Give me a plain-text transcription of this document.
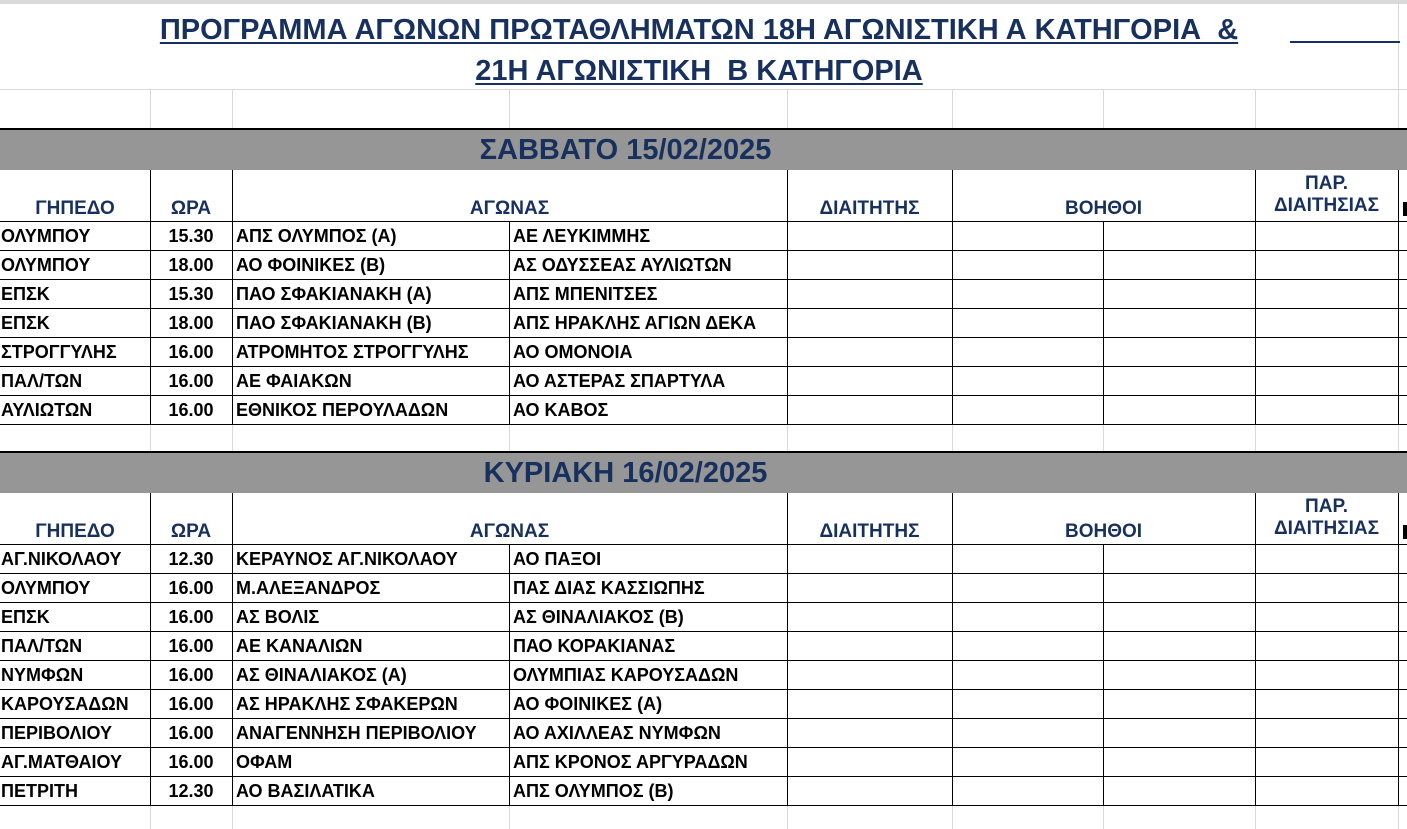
ΠΡΟΓΡΑΜΜΑ ΑΓΩΝΩΝ ΠΡΩΤΑΘΛΗΜΑΤΩΝ 18Η ΑΓΩΝΙΣΤΙΚΗ Α ΚΑΤΗΓΟΡΙΑ  &
21Η ΑΓΩΝΙΣΤΙΚΗ  Β ΚΑΤΗΓΟΡΙΑ
ΣΑΒΒΑΤΟ 15/02/2025
ΓΗΠΕΔΟ	ΩΡΑ	ΑΓΩΝΑΣ	ΔΙΑΙΤΗΤΗΣ	ΒΟΗΘΟΙ
ΠΑΡ.
ΔΙΑΙΤΗΣΙΑΣ
ΟΛΥΜΠΟΥ	15.30	ΑΠΣ ΟΛΥΜΠΟΣ (Α)	ΑΕ ΛΕΥΚΙΜΜΗΣ
ΟΛΥΜΠΟΥ	18.00	ΑΟ ΦΟΙΝΙΚΕΣ (Β)	ΑΣ ΟΔΥΣΣΕΑΣ ΑΥΛΙΩΤΩΝ
ΕΠΣΚ	15.30	ΠΑΟ ΣΦΑΚΙΑΝΑΚΗ (Α)	ΑΠΣ ΜΠΕΝΙΤΣΕΣ
ΕΠΣΚ	18.00	ΠΑΟ ΣΦΑΚΙΑΝΑΚΗ (Β)	ΑΠΣ ΗΡΑΚΛΗΣ ΑΓΙΩΝ ΔΕΚΑ
ΣΤΡΟΓΓΥΛΗΣ	16.00	ΑΤΡΟΜΗΤΟΣ ΣΤΡΟΓΓΥΛΗΣ	ΑΟ ΟΜΟΝΟΙΑ
ΠΑΛ/ΤΩΝ	16.00	ΑΕ ΦΑΙΑΚΩΝ	ΑΟ ΑΣΤΕΡΑΣ ΣΠΑΡΤΥΛΑ
ΑΥΛΙΩΤΩΝ	16.00	ΕΘΝΙΚΟΣ ΠΕΡΟΥΛΑΔΩΝ	ΑΟ ΚΑΒΟΣ
ΚΥΡΙΑΚΗ 16/02/2025
ΓΗΠΕΔΟ	ΩΡΑ	ΑΓΩΝΑΣ	ΔΙΑΙΤΗΤΗΣ	ΒΟΗΘΟΙ
ΠΑΡ.
ΔΙΑΙΤΗΣΙΑΣ
ΑΓ.ΝΙΚΟΛΑΟΥ	12.30	ΚΕΡΑΥΝΟΣ ΑΓ.ΝΙΚΟΛΑΟΥ	ΑΟ ΠΑΞΟΙ
ΟΛΥΜΠΟΥ	16.00	Μ.ΑΛΕΞΑΝΔΡΟΣ	ΠΑΣ ΔΙΑΣ ΚΑΣΣΙΩΠΗΣ
ΕΠΣΚ	16.00	ΑΣ ΒΟΛΙΣ	ΑΣ ΘΙΝΑΛΙΑΚΟΣ (Β)
ΠΑΛ/ΤΩΝ	16.00	ΑΕ ΚΑΝΑΛΙΩΝ	ΠΑΟ ΚΟΡΑΚΙΑΝΑΣ
ΝΥΜΦΩΝ	16.00	ΑΣ ΘΙΝΑΛΙΑΚΟΣ (Α)	ΟΛΥΜΠΙΑΣ ΚΑΡΟΥΣΑΔΩΝ
ΚΑΡΟΥΣΑΔΩΝ	16.00	ΑΣ ΗΡΑΚΛΗΣ ΣΦΑΚΕΡΩΝ	ΑΟ ΦΟΙΝΙΚΕΣ (Α)
ΠΕΡΙΒΟΛΙΟΥ	16.00	ΑΝΑΓΕΝΝΗΣΗ ΠΕΡΙΒΟΛΙΟΥ	ΑΟ ΑΧΙΛΛΕΑΣ ΝΥΜΦΩΝ
ΑΓ.ΜΑΤΘΑΙΟΥ	16.00	ΟΦΑΜ	ΑΠΣ ΚΡΟΝΟΣ ΑΡΓΥΡΑΔΩΝ
ΠΕΤΡΙΤΗ	12.30	ΑΟ ΒΑΣΙΛΑΤΙΚΑ	ΑΠΣ ΟΛΥΜΠΟΣ (Β)
